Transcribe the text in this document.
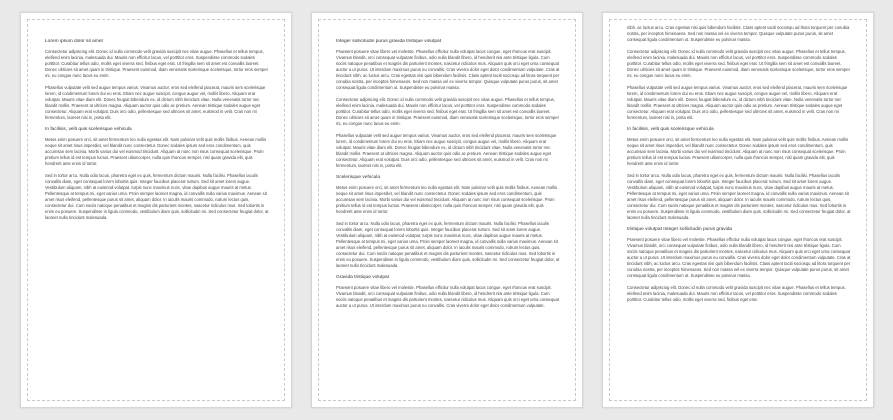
Lorem ipsum dolor sit amet

Consectetur adipiscing elit. Donec id nulla commodo velit gravida suscipit nec vitae augue. Phasellus et tellus tempus, eleifend enim lacinia, malesuada dui. Mauris non efficitur lacus, vel porttitor eros. Suspendisse commodo sodales porttitor. Curabitur tellus odio, mollis eget viverra sed, finibus eget erat. Ut fringilla sem sit amet est convallis laoreet. Donec ultricies sit amet quam in tristique. Praesent euismod, diam venenatis scelerisque scelerisque, tortor eros semper mi, eu congue nunc lacus eu enim.

Phasellus vulputate velit sed augue tempus varius. Vivamus auctor, eros sed eleifend placerat, mauris sem scelerisque lorem, id condimentum lorem dui eu eros. Etiam nec augue suscipit, congue augue vel, mollis libero. Aliquam erat volutpat. Mauris vitae diam elit. Donec feugiat bibendum ex, id dictum nibh tincidunt vitae. Nulla venenatis tortor nec blandit mollis. Praesent at ultrices magna. Aliquam auctor quis odio ac pretium. Aenean tristique sodales augue eget consectetur. Aliquam erat volutpat. Duis orci odio, pellentesque sed ultricies sit amet, euismod in velit. Cras non mi fermentum, laoreet nisi in, porta elit.

In facilisis, velit quis scelerisque vehicula

Metus enim posuere orci, sit amet fermentum leo nulla egestas elit. Nam pulvinar velit quis mollis finibus. Aenean mollis neque sit amet risus imperdiet, vel blandit nunc consectetur. Donec sodales ipsum sed eros condimentum, quis accumsan sem lacinia. Morbi varius dui vel euismod tincidunt. Aliquam at nunc non risus consequat scelerisque. Proin pretium tellus id est tempus luctus. Praesent ullamcorper, nulla quis rhoncus semper, nisl quam gravida elit, quis hendrerit ante enim id tortor.

Sed in tortor arcu. Nulla odio lacus, pharetra eget ex quis, fermentum dictum mauris. Nulla facilisi. Phasellus iaculis convallis diam, eget consequat lorem lobortis quis. Integer faucibus placerat rutrum. Sed sit amet lorem augue. Vestibulum aliquam, nibh at euismod volutpat, turpis nunc maximus nunc, vitae dapibus augue mauris at metus. Pellentesque at tempus mi, eget varius urna. Proin semper laoreet magna, id convallis nulla varius maximus. Aenean sit amet risus eleifend, pellentesque purus sit amet, aliquam dolor. In iaculis mauris commodo, rutrum lectus quis, consectetur dui. Cum sociis natoque penatibus et magnis dis parturient montes, nascetur ridiculus mus. Sed lobortis in enim eu posuere. Suspendisse in ligula commodo, vestibulum diam quis, sollicitudin mi. Sed consectetur feugiat dolor, at laoreet nulla tincidunt malesuada.

Integer sollicitudin purus gravida tristique volutpat

Praesent posuere vitae libero vel molestie. Phasellus efficitur nulla volutpat lacus congue, eget rhoncus erat suscipit. Vivamus blandit, orci consequat vulputate finibus, odio nulla blandit libero, id hendrerit nisi ante tristique ligula. Cum sociis natoque penatibus et magnis dis parturient montes, nascetur ridiculus mus. Aliquam quis orci eget urna consequat auctor a ut purus. Ut interdum maximus purus eu convallis. Cras viverra dolor eget dolor condimentum vulputate. Cras at tincidunt nibh, ac luctus arcu. Cras egestas nisi quis bibendum facilisis. Class aptent taciti sociosqu ad litora torquent per conubia nostra, per inceptos himenaeos. Sed non massa vel ex viverra tempor. Quisque vulputate purus purus, sit amet consequat ligula condimentum ut. Suspendisse eu pulvinar massa.

Consectetur adipiscing elit. Donec id nulla commodo velit gravida suscipit nec vitae augue. Phasellus et tellus tempus, eleifend enim lacinia, malesuada dui. Mauris non efficitur lacus, vel porttitor eros. Suspendisse commodo sodales porttitor. Curabitur tellus odio, mollis eget viverra sed, finibus eget erat. Ut fringilla sem sit amet est convallis laoreet. Donec ultricies sit amet quam in tristique. Praesent euismod, diam venenatis scelerisque scelerisque, tortor eros semper mi, eu congue nunc lacus eu enim.

Phasellus vulputate velit sed augue tempus varius. Vivamus auctor, eros sed eleifend placerat, mauris sem scelerisque lorem, id condimentum lorem dui eu eros. Etiam nec augue suscipit, congue augue vel, mollis libero. Aliquam erat volutpat. Mauris vitae diam elit. Donec feugiat bibendum ex, id dictum nibh tincidunt vitae. Nulla venenatis tortor nec blandit mollis. Praesent at ultrices magna. Aliquam auctor quis odio ac pretium. Aenean tristique sodales augue eget consectetur. Aliquam erat volutpat. Duis orci odio, pellentesque sed ultricies sit amet, euismod in velit. Cras non mi fermentum, laoreet nisi in, porta elit.

Scelerisque vehicula

Metus enim posuere orci, sit amet fermentum leo nulla egestas elit. Nam pulvinar velit quis mollis finibus. Aenean mollis neque sit amet risus imperdiet, vel blandit nunc consectetur. Donec sodales ipsum sed eros condimentum, quis accumsan sem lacinia. Morbi varius dui vel euismod tincidunt. Aliquam at nunc non risus consequat scelerisque. Proin pretium tellus id est tempus luctus. Praesent ullamcorper, nulla quis rhoncus semper, nisl quam gravida elit, quis hendrerit ante enim id tortor.

Sed in tortor arcu. Nulla odio lacus, pharetra eget ex quis, fermentum dictum mauris. Nulla facilisi. Phasellus iaculis convallis diam, eget consequat lorem lobortis quis. Integer faucibus placerat rutrum. Sed sit amet lorem augue. Vestibulum aliquam, nibh at euismod volutpat, turpis nunc maximus nunc, vitae dapibus augue mauris at metus. Pellentesque at tempus mi, eget varius urna. Proin semper laoreet magna, id convallis nulla varius maximus. Aenean sit amet risus eleifend, pellentesque purus sit amet, aliquam dolor. In iaculis mauris commodo, rutrum lectus quis, consectetur dui. Cum sociis natoque penatibus et magnis dis parturient montes, nascetur ridiculus mus. Sed lobortis in enim eu posuere. Suspendisse in ligula commodo, vestibulum diam quis, sollicitudin mi. Sed consectetur feugiat dolor, at laoreet nulla tincidunt malesuada.

Gravida tristique volutpat

Praesent posuere vitae libero vel molestie. Phasellus efficitur nulla volutpat lacus congue, eget rhoncus erat suscipit. Vivamus blandit, orci consequat vulputate finibus, odio nulla blandit libero, id hendrerit nisi ante tristique ligula. Cum sociis natoque penatibus et magnis dis parturient montes, nascetur ridiculus mus. Aliquam quis orci eget urna consequat auctor a ut purus. Ut interdum maximus purus eu convallis. Cras viverra dolor eget dolor condimentum vulputate.

nibh, ac luctus arcu. Cras egestas nisi quis bibendum facilisis. Class aptent taciti sociosqu ad litora torquent per conubia nostra, per inceptos himenaeos. Sed non massa vel ex viverra tempor. Quisque vulputate purus purus, sit amet consequat ligula condimentum ut. Suspendisse eu pulvinar massa.

Consectetur adipiscing elit. Donec id nulla commodo velit gravida suscipit nec vitae augue. Phasellus et tellus tempus, eleifend enim lacinia, malesuada dui. Mauris non efficitur lacus, vel porttitor eros. Suspendisse commodo sodales porttitor. Curabitur tellus odio, mollis eget viverra sed, finibus eget erat. Ut fringilla sem sit amet est convallis laoreet. Donec ultricies sit amet quam in tristique. Praesent euismod, diam venenatis scelerisque scelerisque, tortor eros semper mi, eu congue nunc lacus eu enim.

Phasellus vulputate velit sed augue tempus varius. Vivamus auctor, eros sed eleifend placerat, mauris sem scelerisque lorem, id condimentum lorem dui eu eros. Etiam nec augue suscipit, congue augue vel, mollis libero. Aliquam erat volutpat. Mauris vitae diam elit. Donec feugiat bibendum ex, id dictum nibh tincidunt vitae. Nulla venenatis tortor nec blandit mollis. Praesent at ultrices magna. Aliquam auctor quis odio ac pretium. Aenean tristique sodales augue eget consectetur. Aliquam erat volutpat. Duis orci odio, pellentesque sed ultricies sit amet, euismod in velit. Cras non mi fermentum, laoreet nisi in, porta elit.

In facilisis, velit quis scelerisque vehicula

Metus enim posuere orci, sit amet fermentum leo nulla egestas elit. Nam pulvinar velit quis mollis finibus. Aenean mollis neque sit amet risus imperdiet, vel blandit nunc consectetur. Donec sodales ipsum sed eros condimentum, quis accumsan sem lacinia. Morbi varius dui vel euismod tincidunt. Aliquam at nunc non risus consequat scelerisque. Proin pretium tellus id est tempus luctus. Praesent ullamcorper, nulla quis rhoncus semper, nisl quam gravida elit, quis hendrerit ante enim id tortor.

Sed in tortor arcu. Nulla odio lacus, pharetra eget ex quis, fermentum dictum mauris. Nulla facilisi. Phasellus iaculis convallis diam, eget consequat lorem lobortis quis. Integer faucibus placerat rutrum. Sed sit amet lorem augue. Vestibulum aliquam, nibh at euismod volutpat, turpis nunc maximus nunc, vitae dapibus augue mauris at metus. Pellentesque at tempus mi, eget varius urna. Proin semper laoreet magna, id convallis nulla varius maximus. Aenean sit amet risus eleifend, pellentesque purus sit amet, aliquam dolor. In iaculis mauris commodo, rutrum lectus quis, consectetur dui. Cum sociis natoque penatibus et magnis dis parturient montes, nascetur ridiculus mus. Sed lobortis in enim eu posuere. Suspendisse in ligula commodo, vestibulum diam quis, sollicitudin mi. Sed consectetur feugiat dolor, at laoreet nulla tincidunt malesuada.

tristique volutpat Integer sollicitudin purus gravida

Praesent posuere vitae libero vel molestie. Phasellus efficitur nulla volutpat lacus congue, eget rhoncus erat suscipit. Vivamus blandit, orci consequat vulputate finibus, odio nulla blandit libero, id hendrerit nisi ante tristique ligula. Cum sociis natoque penatibus et magnis dis parturient montes, nascetur ridiculus mus. Aliquam quis orci eget urna consequat auctor a ut purus. Ut interdum maximus purus eu convallis. Cras viverra dolor eget dolor condimentum vulputate. Cras at tincidunt nibh, ac luctus arcu. Cras egestas nisi quis bibendum facilisis. Class aptent taciti sociosqu ad litora torquent per conubia nostra, per inceptos himenaeos. Sed non massa vel ex viverra tempor. Quisque vulputate purus purus, sit amet consequat ligula condimentum ut. Suspendisse eu pulvinar massa.

Consectetur adipiscing elit. Donec id nulla commodo velit gravida suscipit nec vitae augue. Phasellus et tellus tempus, eleifend enim lacinia, malesuada dui. Mauris non efficitur lacus, vel porttitor eros. Suspendisse commodo sodales porttitor. Curabitur tellus odio, mollis eget viverra sed, finibus eget erat.
